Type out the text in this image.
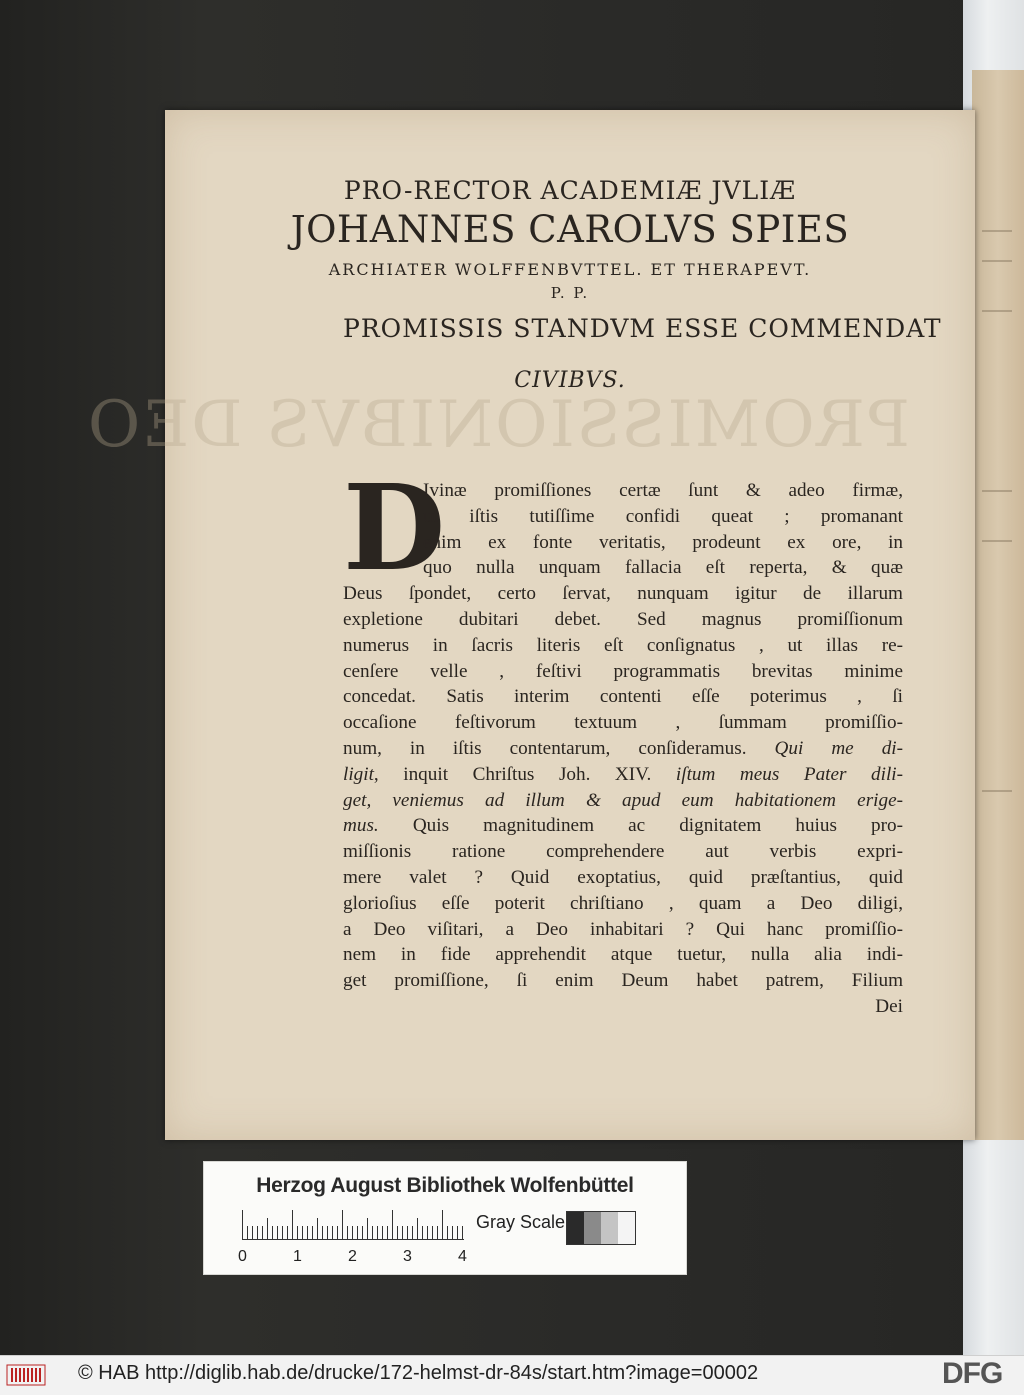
PROMISSIONIBVS DEO
PRO-RECTOR ACADEMIÆ JVLIÆ
JOHANNES CAROLVS SPIES
ARCHIATER WOLFFENBVTTEL. ET THERAPEVT.
P. P.
PROMISSIS STANDVM ESSE COMMENDAT
CIVIBVS.
D
Ivinæ promiſſiones certæ ſunt & adeo firmæ,
ut iſtis tutiſſime confidi queat ; promanant
enim ex fonte veritatis, prodeunt ex ore, in
quo nulla unquam fallacia eſt reperta, & quæ
Deus ſpondet, certo ſervat, nunquam igitur de illarum
expletione dubitari debet. Sed magnus promiſſionum
numerus in ſacris literis eſt conſignatus , ut illas re-
cenſere velle , feſtivi programmatis brevitas minime
concedat. Satis interim contenti eſſe poterimus , ſi
occaſione feſtivorum textuum , ſummam promiſſio-
num, in iſtis contentarum, conſideramus. Qui me di-
ligit, inquit Chriſtus Joh. XIV. iſtum meus Pater dili-
get, veniemus ad illum & apud eum habitationem erige-
mus. Quis magnitudinem ac dignitatem huius pro-
miſſionis ratione comprehendere aut verbis expri-
mere valet ? Quid exoptatius, quid præſtantius, quid
glorioſius eſſe poterit chriſtiano , quam a Deo diligi,
a Deo viſitari, a Deo inhabitari ? Qui hanc promiſſio-
nem in fide apprehendit atque tuetur, nulla alia indi-
get promiſſione, ſi enim Deum habet patrem, Filium
Dei
Herzog August Bibliothek Wolfenbüttel
0	1	2	3	4
Gray Scale
© HAB http://diglib.hab.de/drucke/172-helmst-dr-84s/start.htm?image=00002	DFG
